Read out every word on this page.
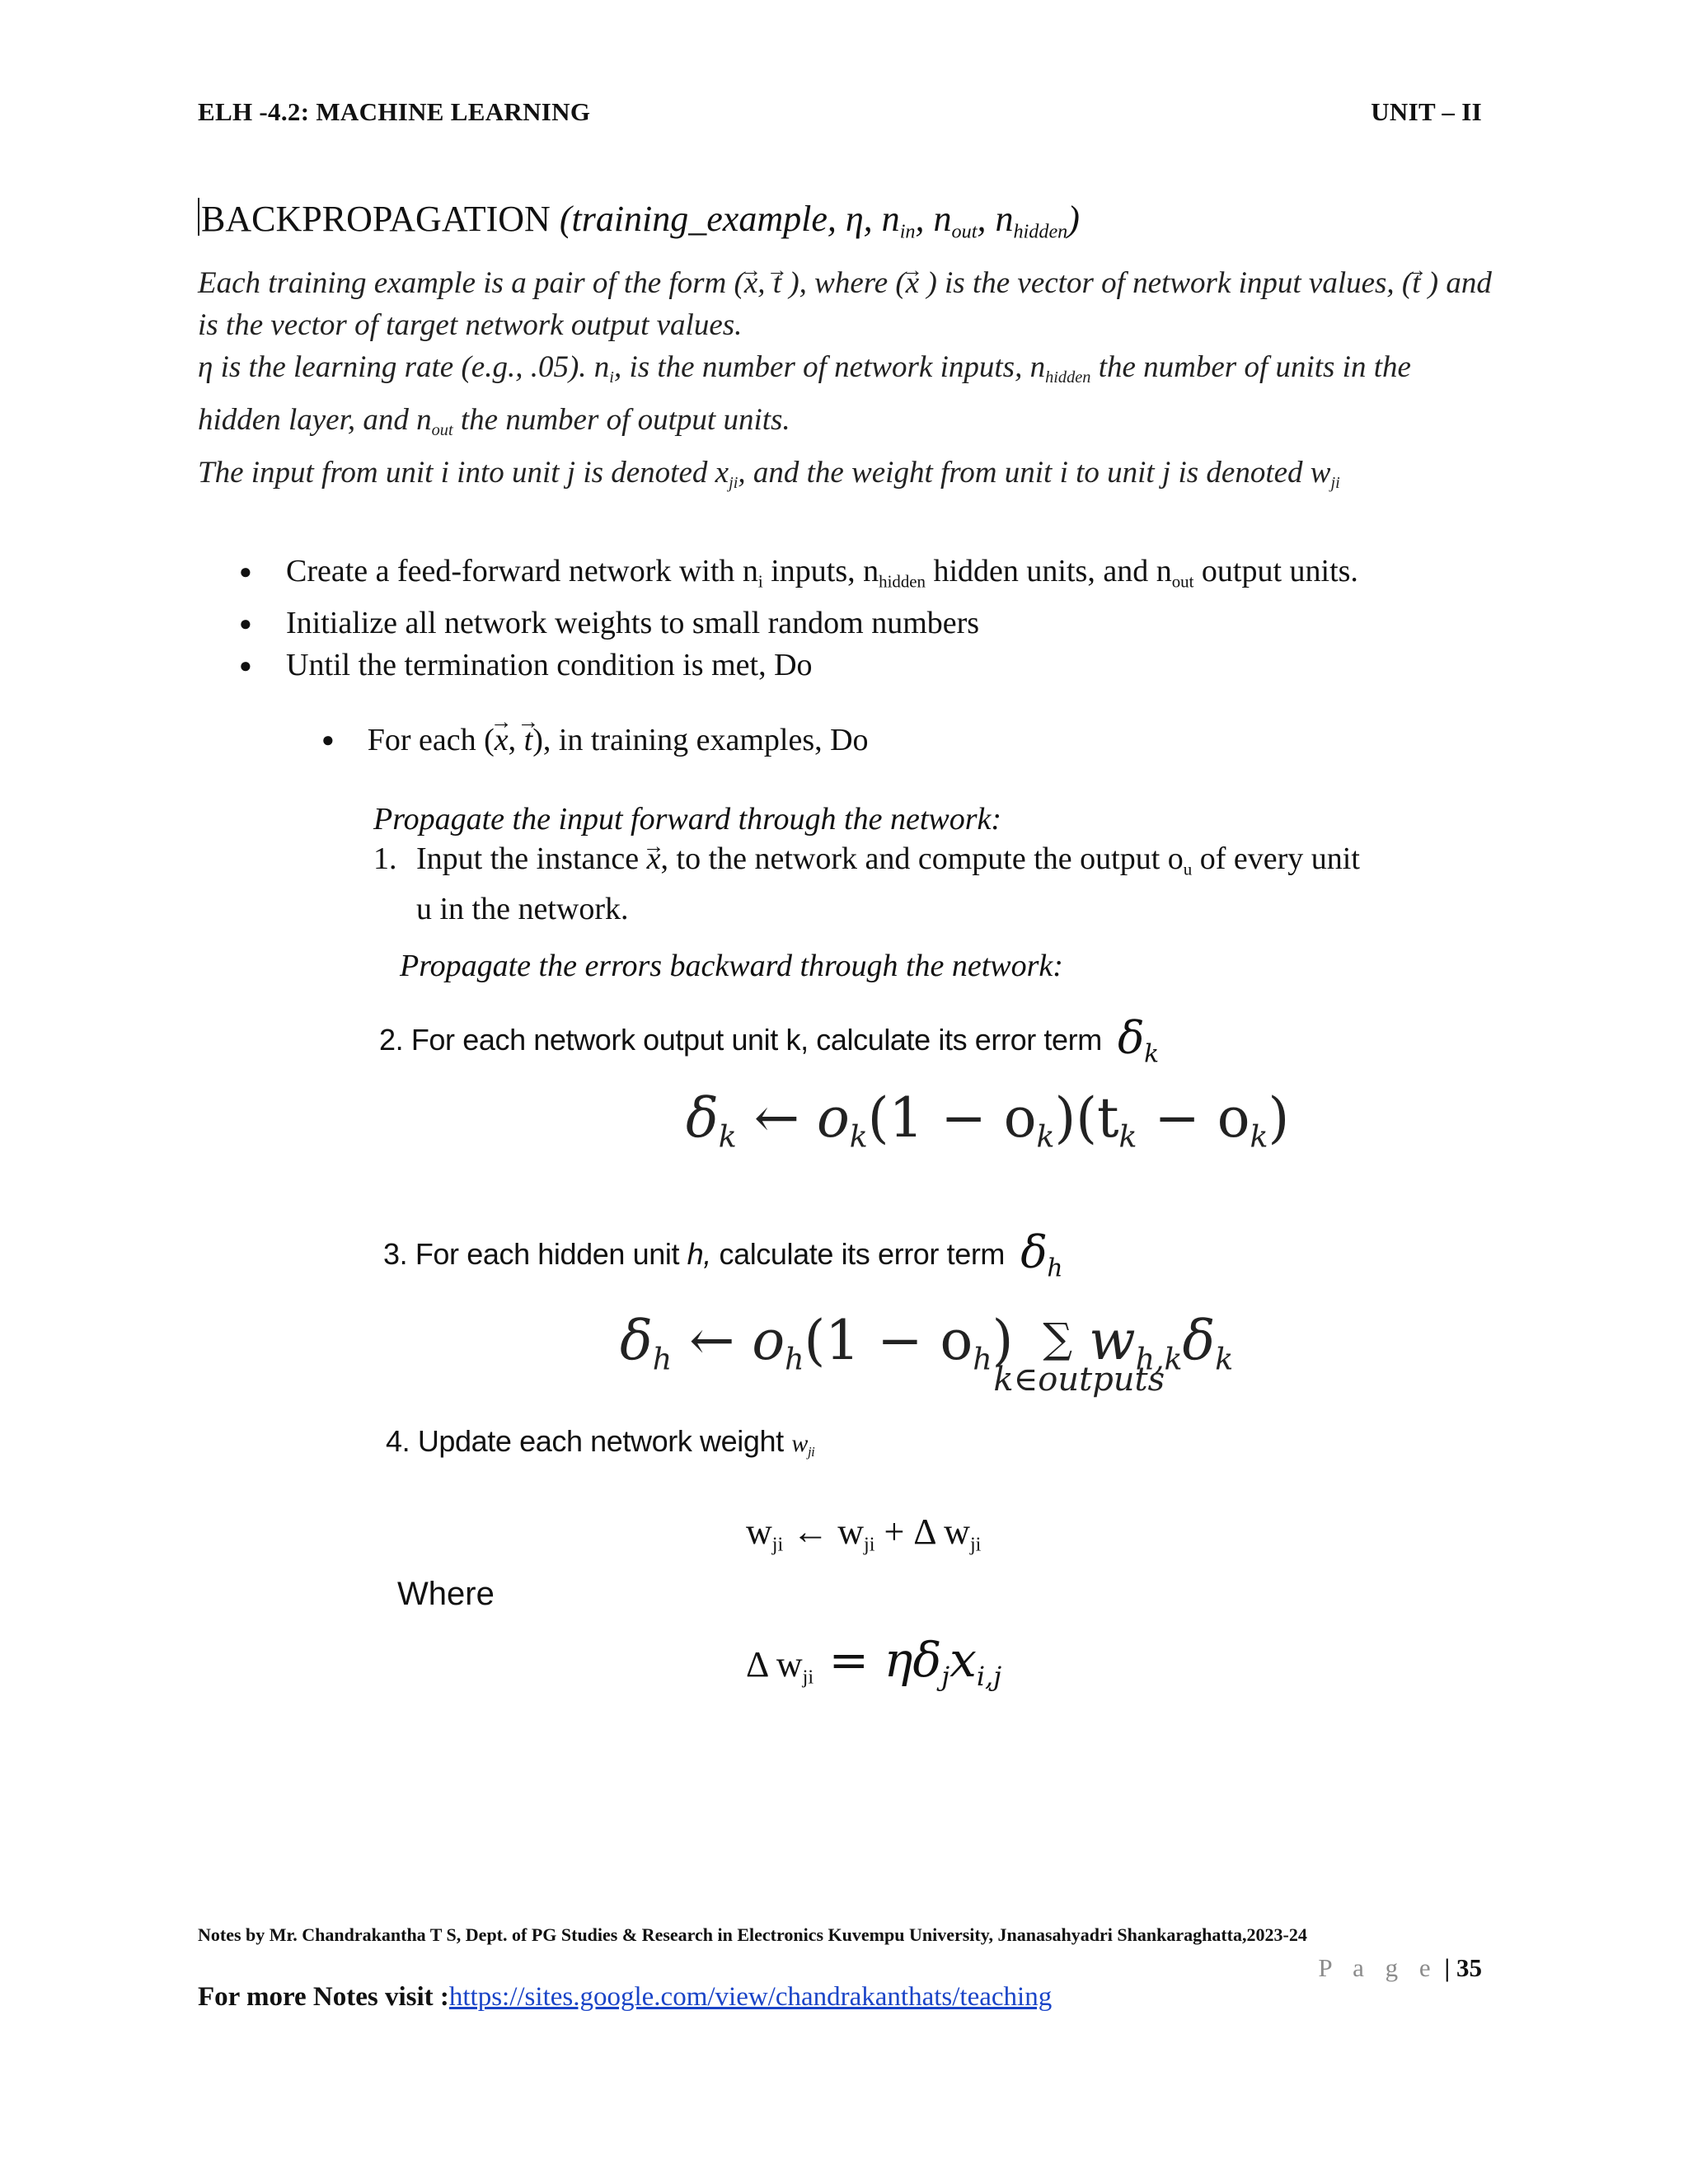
ELH -4.2: MACHINE LEARNING	UNIT – II
BACKPROPAGATION (training_example, η, $n_{in}$, $n_{out}$, $n_{hidden}$)

Each training example is a pair of the form (→ x, → t ), where (→ x ) is the vector of network input values, (→ t ) and is the vector of target network output values.

η is the learning rate (e.g., .05). $n_i$, is the number of network inputs, $n_{hidden}$ the number of units in the hidden layer, and $n_{out}$ the number of output units.

The input from unit i into unit j is denoted $x_{ji}$, and the weight from unit i to unit j is denoted $w_{ji}$

● Create a feed-forward network with $n_i$ inputs, $n_{hidden}$ hidden units, and $n_{out}$ output units.
● Initialize all network weights to small random numbers
● Until the termination condition is met, Do
● For each (→ x, → t), in training examples, Do
Propagate the input forward through the network:
1. Input the instance → x, to the network and compute the output $o_u$ of every unit
u in the network.
Propagate the errors backward through the network:
2. For each network output unit k, calculate its error term $\delta_k$
$\delta_k$ ← $o_k(1 - o_k)(t_k - o_k)$
3. For each hidden unit h, calculate its error term $\delta_h$
$\delta_h$ ← $o_h(1 - o_h)$ ∑
k∈outputs
$w_{h,k}\delta_k$
4. Update each network weight $w_{ji}$
$w_{ji}$ ← $w_{ji} + \Delta$ $w_{ji}$
Where
Δ $w_{ji} = \eta\delta_jx_{i,j}$
Notes by Mr. Chandrakantha T S, Dept. of PG Studies & Research in Electronics Kuvempu University, Jnanasahyadri Shankaraghatta,2023-24
P a g e | 35
For more Notes visit :https://sites.google.com/view/chandrakanthats/teaching
